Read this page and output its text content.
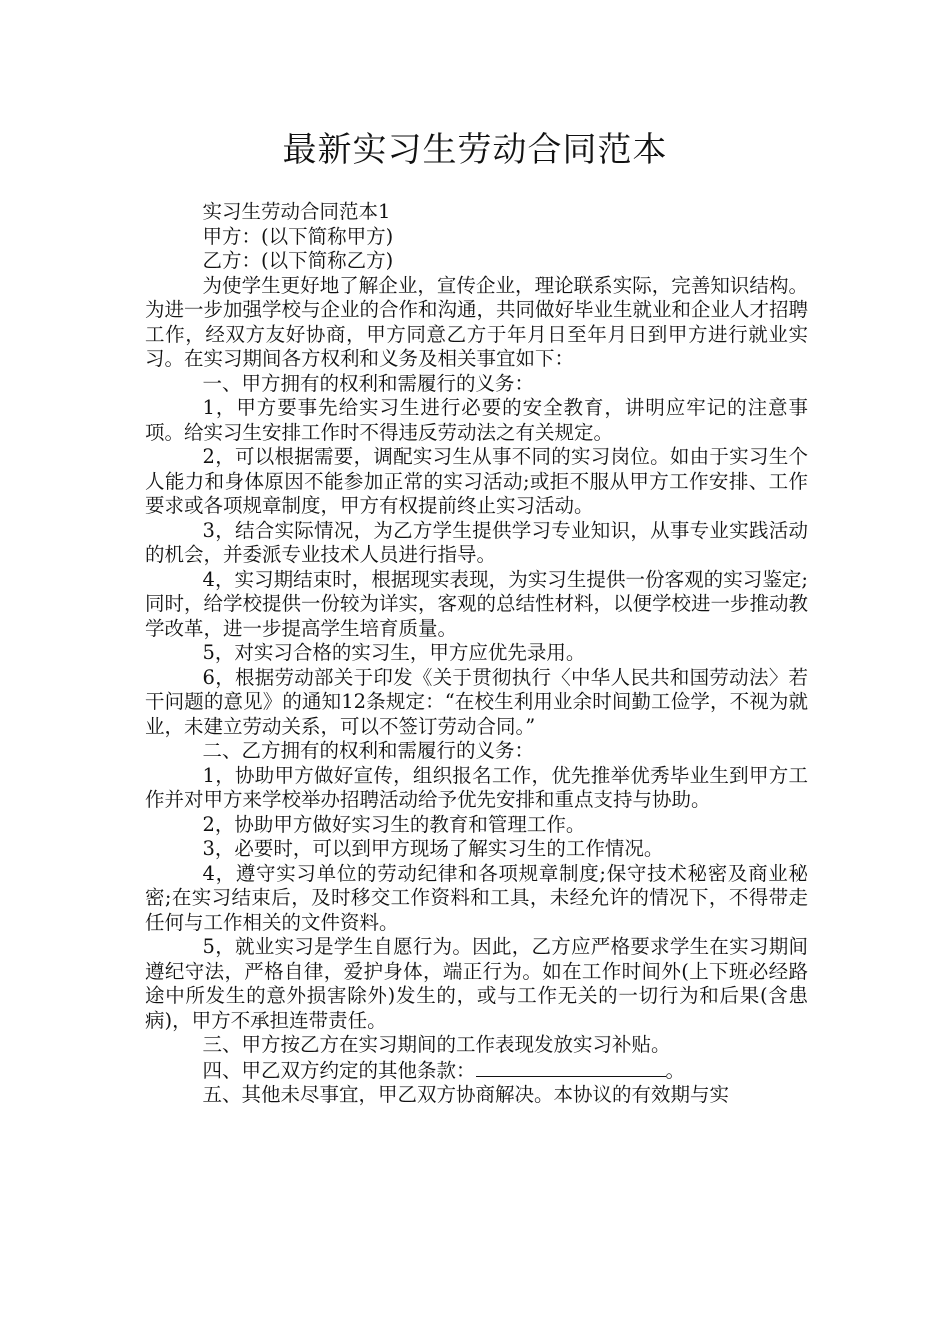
最新实习生劳动合同范本

实习生劳动合同范本1

甲方：(以下简称甲方)

乙方：(以下简称乙方)

为使学生更好地了解企业，宣传企业，理论联系实际，完善知识结构。为进一步加强学校与企业的合作和沟通，共同做好毕业生就业和企业人才招聘工作，经双方友好协商，甲方同意乙方于年月日至年月日到甲方进行就业实习。在实习期间各方权利和义务及相关事宜如下：

一、甲方拥有的权利和需履行的义务：

1，甲方要事先给实习生进行必要的安全教育，讲明应牢记的注意事项。给实习生安排工作时不得违反劳动法之有关规定。

2，可以根据需要，调配实习生从事不同的实习岗位。如由于实习生个人能力和身体原因不能参加正常的实习活动;或拒不服从甲方工作安排、工作要求或各项规章制度，甲方有权提前终止实习活动。

3，结合实际情况，为乙方学生提供学习专业知识，从事专业实践活动的机会，并委派专业技术人员进行指导。

4，实习期结束时，根据现实表现，为实习生提供一份客观的实习鉴定;同时，给学校提供一份较为详实，客观的总结性材料，以便学校进一步推动教学改革，进一步提高学生培育质量。

5，对实习合格的实习生，甲方应优先录用。

6，根据劳动部关于印发《关于贯彻执行〈中华人民共和国劳动法〉若干问题的意见》的通知12条规定：“在校生利用业余时间勤工俭学，不视为就业，未建立劳动关系，可以不签订劳动合同。”

二、乙方拥有的权利和需履行的义务：

1，协助甲方做好宣传，组织报名工作，优先推举优秀毕业生到甲方工作并对甲方来学校举办招聘活动给予优先安排和重点支持与协助。

2，协助甲方做好实习生的教育和管理工作。

3，必要时，可以到甲方现场了解实习生的工作情况。

4，遵守实习单位的劳动纪律和各项规章制度;保守技术秘密及商业秘密;在实习结束后，及时移交工作资料和工具，未经允许的情况下，不得带走任何与工作相关的文件资料。

5，就业实习是学生自愿行为。因此，乙方应严格要求学生在实习期间遵纪守法，严格自律，爱护身体，端正行为。如在工作时间外(上下班必经路途中所发生的意外损害除外)发生的，或与工作无关的一切行为和后果(含患病)，甲方不承担连带责任。

三、甲方按乙方在实习期间的工作表现发放实习补贴。

四、甲乙双方约定的其他条款：	。

五、其他未尽事宜，甲乙双方协商解决。本协议的有效期与实
